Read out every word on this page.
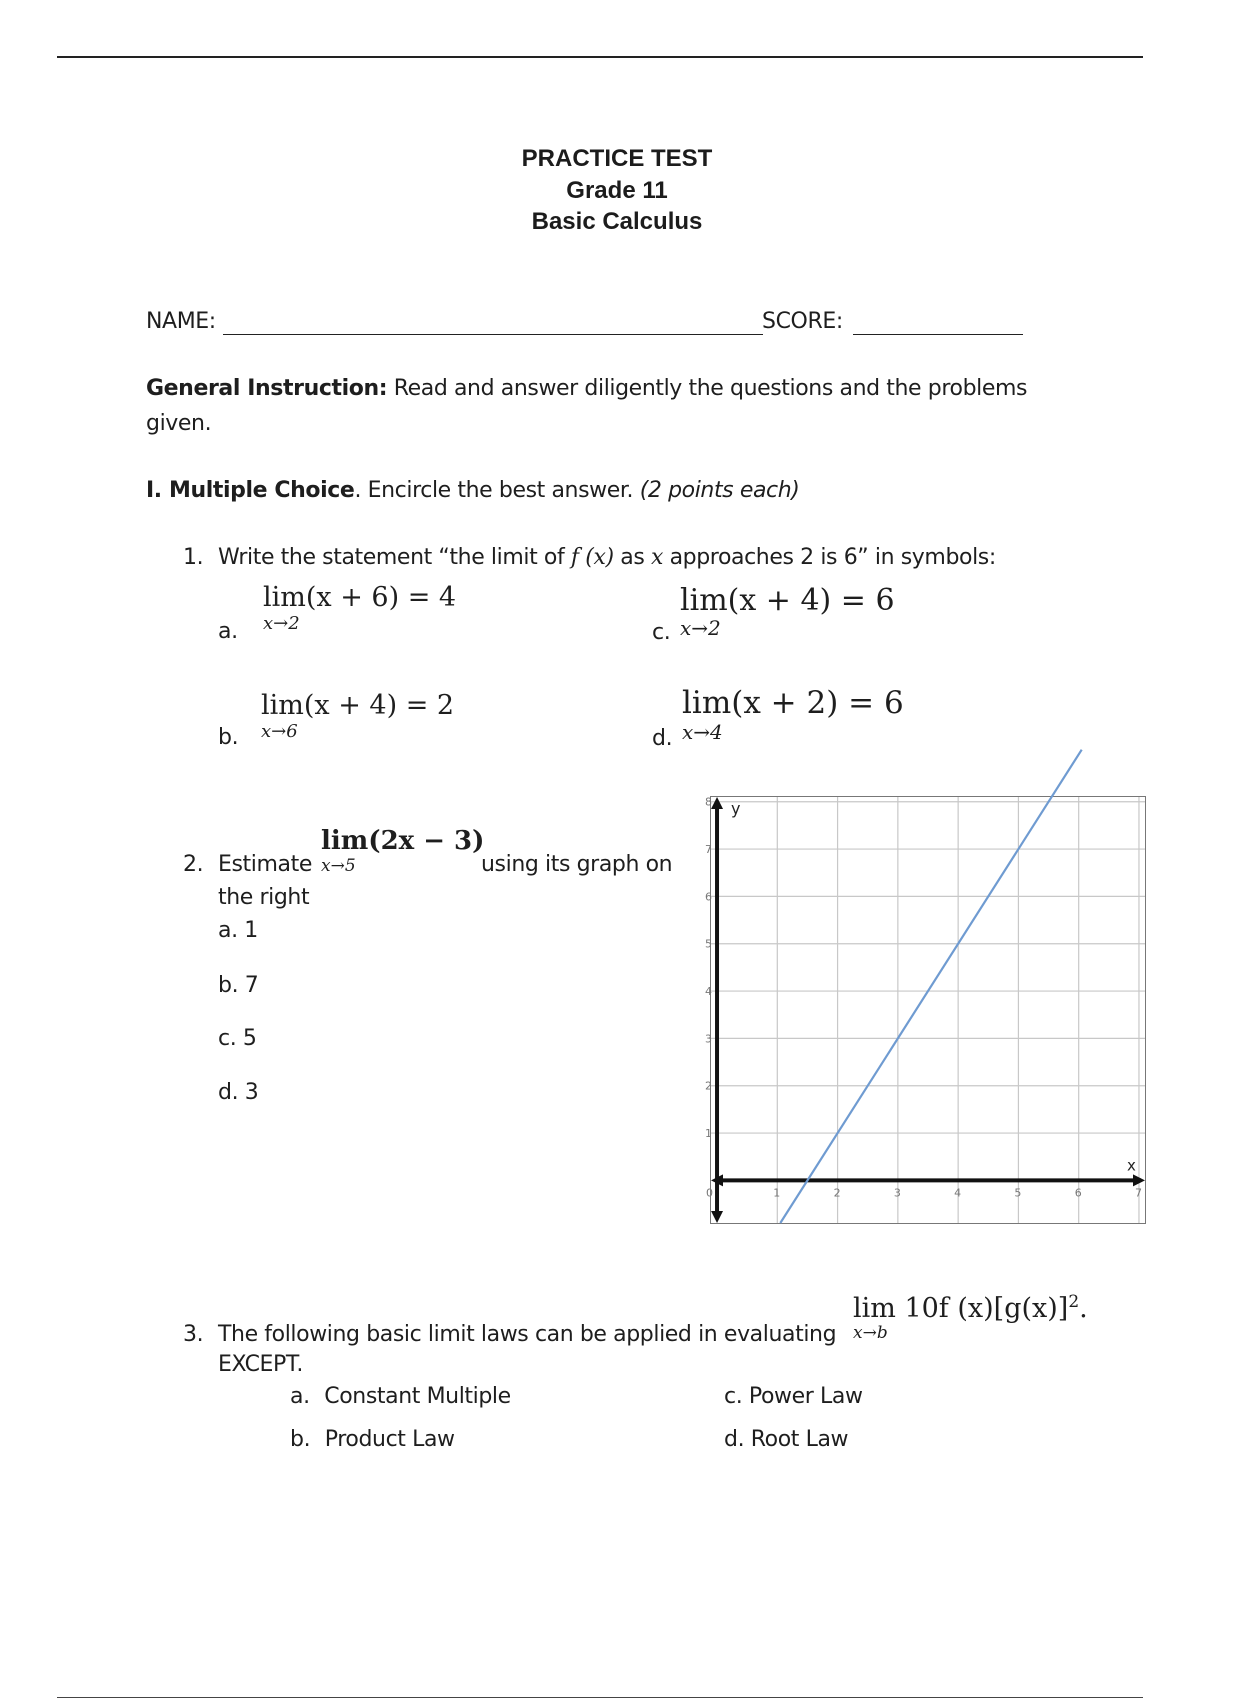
PRACTICE TEST
Grade 11
Basic Calculus
NAME:	SCORE:
General Instruction: Read and answer diligently the questions and the problems
given.
I. Multiple Choice. Encircle the best answer. (2 points each)
1. Write the statement “the limit of f (x) as x approaches 2 is 6” in symbols:
a.
lim(x + 6) = 4
x→2
b.
lim(x + 4) = 2
x→6
c.
lim(x + 4) = 6
x→2
d.
lim(x + 2) = 6
x→4
2. Estimate
lim(2x − 3)
x→5	using its graph on
the right
a. 1
b. 7
c. 5
d. 3
0	1	2	3	4	5	6	7
1
2
3
4
5
6
7
8 y
x
3. The following basic limit laws can be applied in evaluating
lim 10f $(x)[g(x)]^2$.
x→b
EXCEPT.
a. Constant Multiple
b. Product Law
c. Power Law
d. Root Law
